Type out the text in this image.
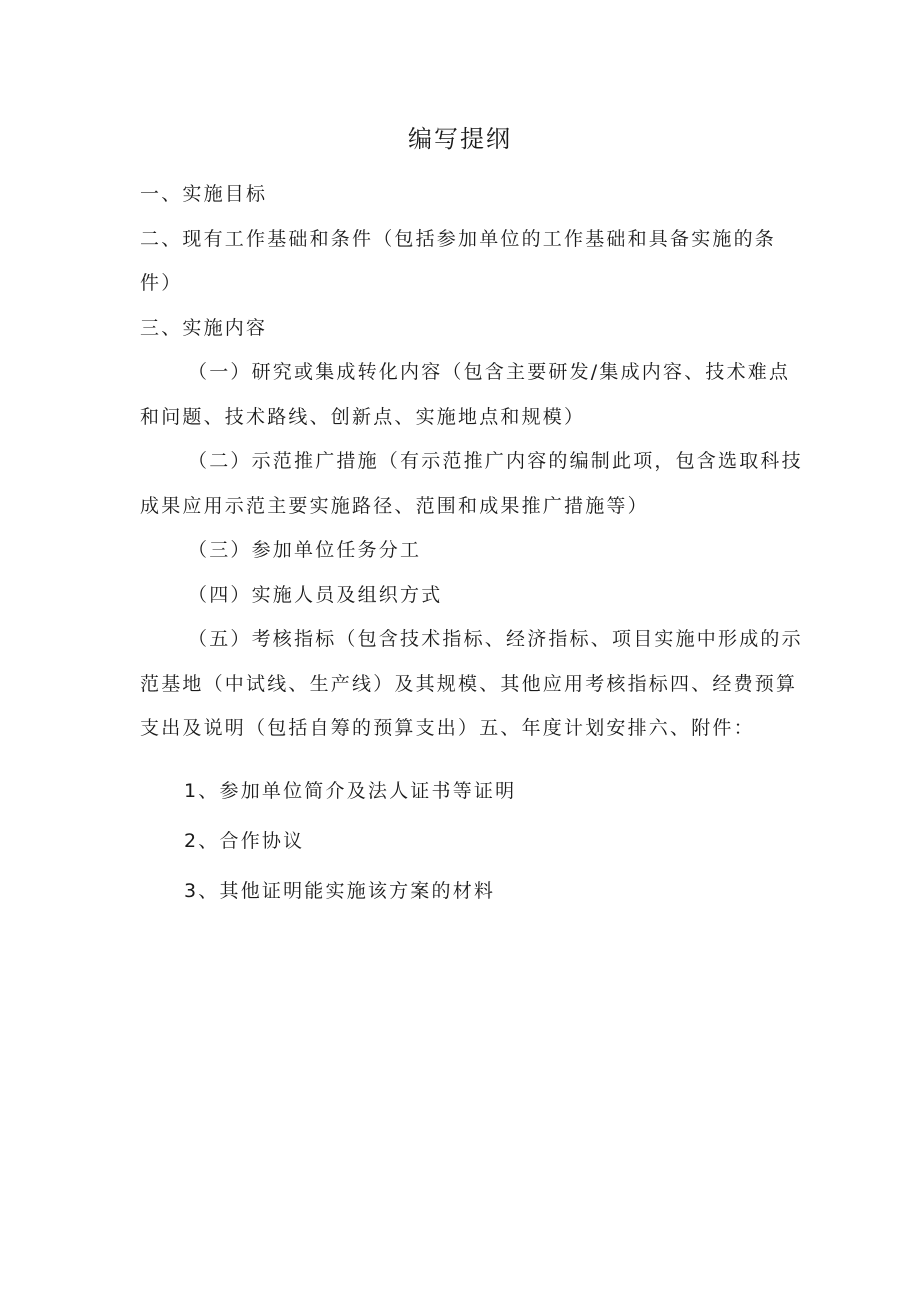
编写提纲

一、实施目标

二、现有工作基础和条件（包括参加单位的工作基础和具备实施的条件）

三、实施内容

（一）研究或集成转化内容（包含主要研发/集成内容、技术难点和问题、技术路线、创新点、实施地点和规模）

（二）示范推广措施（有示范推广内容的编制此项，包含选取科技成果应用示范主要实施路径、范围和成果推广措施等）

（三）参加单位任务分工

（四）实施人员及组织方式

（五）考核指标（包含技术指标、经济指标、项目实施中形成的示范基地（中试线、生产线）及其规模、其他应用考核指标四、经费预算支出及说明（包括自筹的预算支出）五、年度计划安排六、附件：

1、参加单位简介及法人证书等证明

2、合作协议

3、其他证明能实施该方案的材料
